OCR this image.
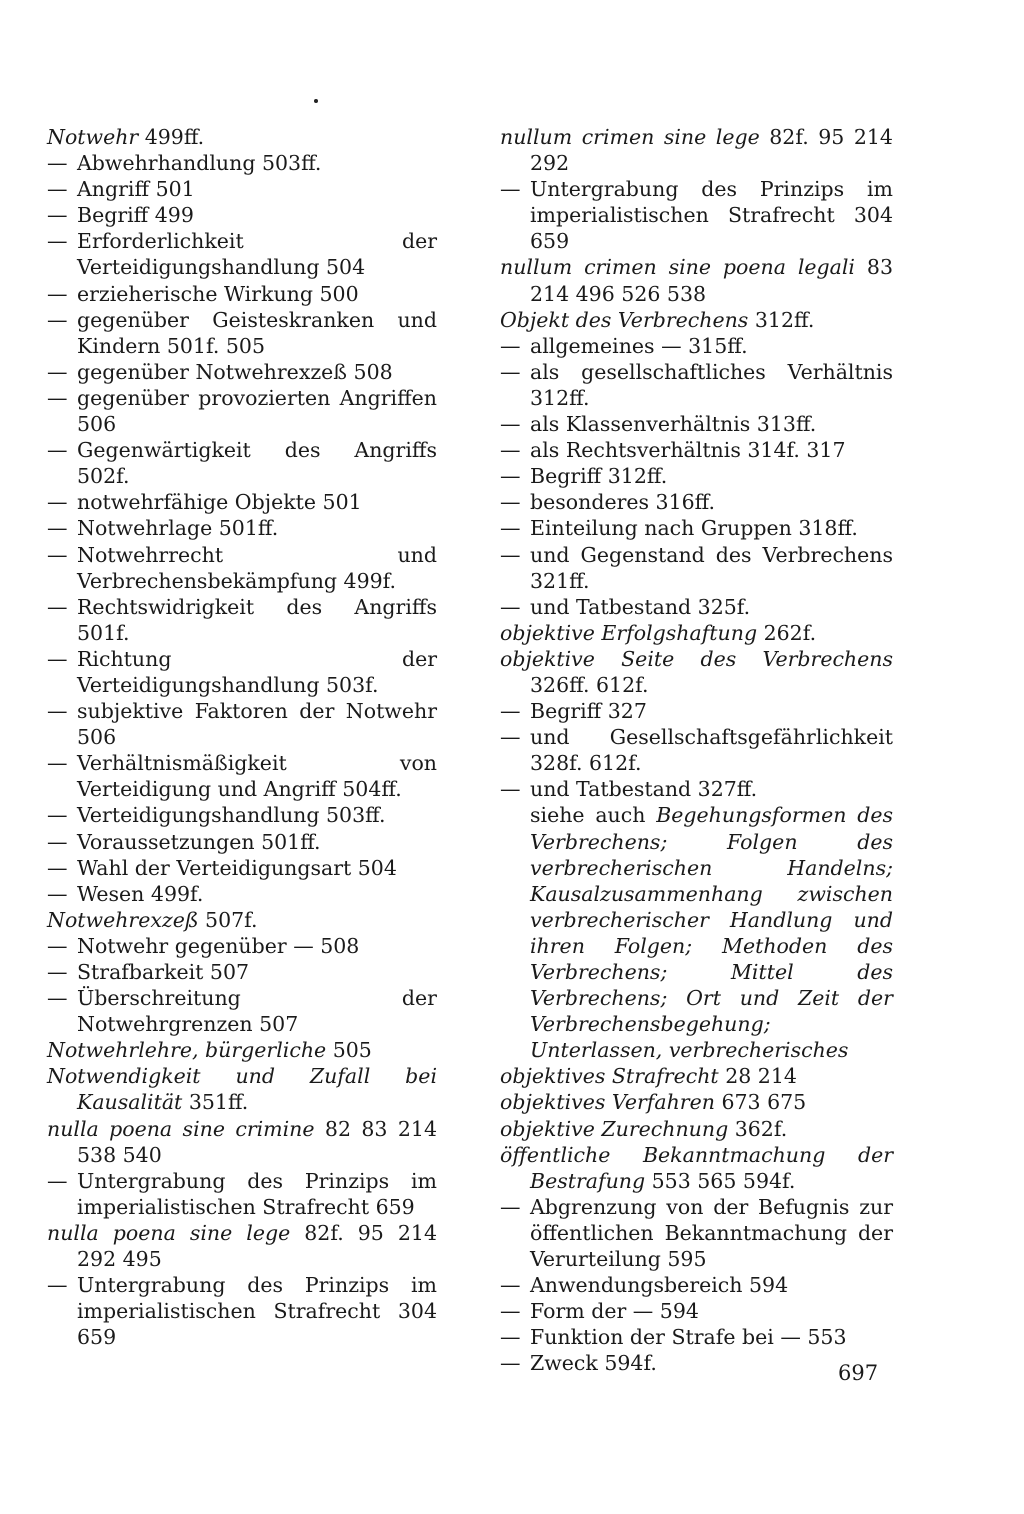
Notwehr 499ff.

— Abwehrhandlung 503ff.

— Angriff 501

— Begriff 499

— Erforderlichkeit der Verteidigungshandlung 504

— erzieherische Wirkung 500

— gegenüber Geisteskranken und Kindern 501f. 505

— gegenüber Notwehrexzeß 508

— gegenüber provozierten Angriffen 506

— Gegenwärtigkeit des Angriffs 502f.

— notwehrfähige Objekte 501

— Notwehrlage 501ff.

— Notwehrrecht und Verbrechensbekämpfung 499f.

— Rechtswidrigkeit des Angriffs 501f.

— Richtung der Verteidigungshandlung 503f.

— subjektive Faktoren der Notwehr 506

— Verhältnismäßigkeit von Verteidigung und Angriff 504ff.

— Verteidigungshandlung 503ff.

— Voraussetzungen 501ff.

— Wahl der Verteidigungsart 504

— Wesen 499f.

Notwehrexzeß 507f.

— Notwehr gegenüber — 508

— Strafbarkeit 507

— Überschreitung der Notwehrgrenzen 507

Notwehrlehre, bürgerliche 505

Notwendigkeit und Zufall bei Kausalität 351ff.

nulla poena sine crimine 82 83 214 538 540

— Untergrabung des Prinzips im imperialistischen Strafrecht 659

nulla poena sine lege 82f. 95 214 292 495

— Untergrabung des Prinzips im imperialistischen Strafrecht 304 659

nullum crimen sine lege 82f. 95 214 292

— Untergrabung des Prinzips im imperialistischen Strafrecht 304 659

nullum crimen sine poena legali 83 214 496 526 538

Objekt des Verbrechens 312ff.

— allgemeines — 315ff.

— als gesellschaftliches Verhältnis 312ff.

— als Klassenverhältnis 313ff.

— als Rechtsverhältnis 314f. 317

— Begriff 312ff.

— besonderes 316ff.

— Einteilung nach Gruppen 318ff.

— und Gegenstand des Verbrechens 321ff.

— und Tatbestand 325f.

objektive Erfolgshaftung 262f.

objektive Seite des Verbrechens 326ff. 612f.

— Begriff 327

— und Gesellschaftsgefährlichkeit 328f. 612f.

— und Tatbestand 327ff.

siehe auch Begehungsformen des Verbrechens; Folgen des verbrecherischen Handelns; Kausalzusammenhang zwischen verbrecherischer Handlung und ihren Folgen; Methoden des Verbrechens; Mittel des Verbrechens; Ort und Zeit der Verbrechensbegehung; Unterlassen, verbrecherisches

objektives Strafrecht 28 214

objektives Verfahren 673 675

objektive Zurechnung 362f.

öffentliche Bekanntmachung der Bestrafung 553 565 594f.

— Abgrenzung von der Befugnis zur öffentlichen Bekanntmachung der Verurteilung 595

— Anwendungsbereich 594

— Form der — 594

— Funktion der Strafe bei — 553

— Zweck 594f.	697
